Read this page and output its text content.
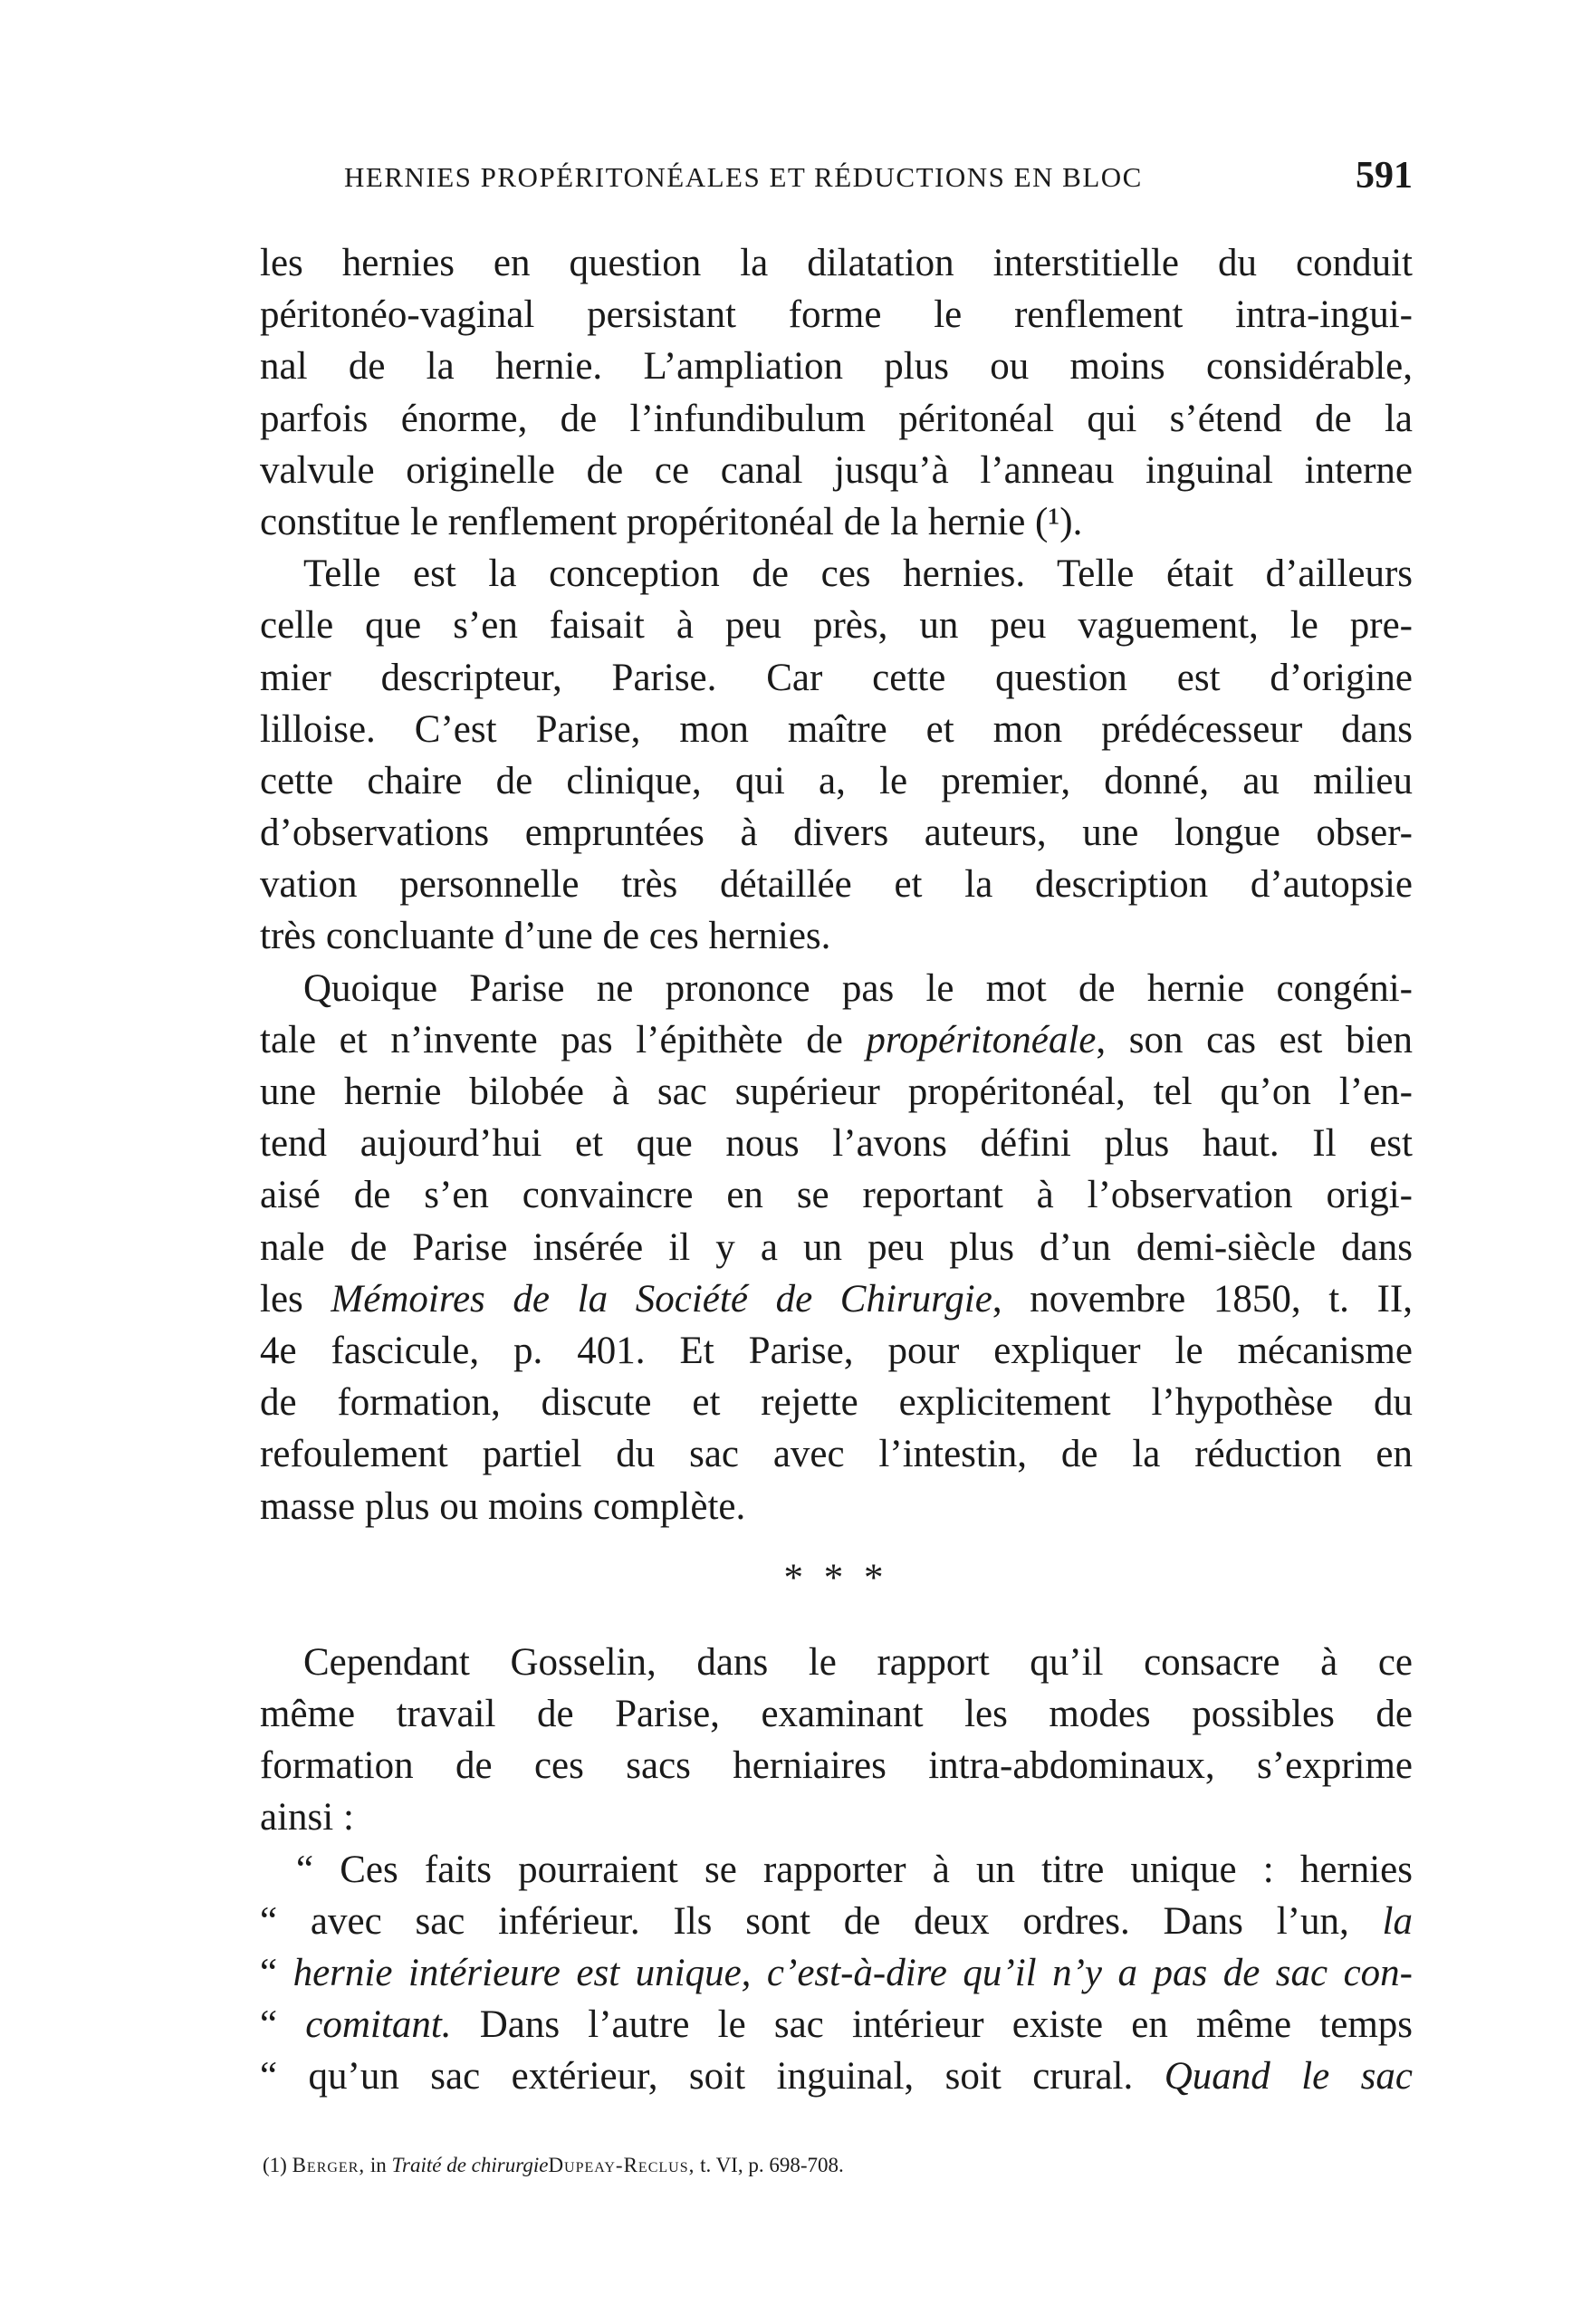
HERNIES PROPÉRITONÉALES ET RÉDUCTIONS EN BLOC	591
les hernies en question la dilatation interstitielle du conduit
péritonéo-vaginal persistant forme le renflement intra-ingui-
nal de la hernie. L’ampliation plus ou moins considérable,
parfois énorme, de l’infundibulum péritonéal qui s’étend de la
valvule originelle de ce canal jusqu’à l’anneau inguinal interne
constitue le renflement propéritonéal de la hernie (¹).
Telle est la conception de ces hernies. Telle était d’ailleurs
celle que s’en faisait à peu près, un peu vaguement, le pre-
mier descripteur, Parise. Car cette question est d’origine
lilloise. C’est Parise, mon maître et mon prédécesseur dans
cette chaire de clinique, qui a, le premier, donné, au milieu
d’observations empruntées à divers auteurs, une longue obser-
vation personnelle très détaillée et la description d’autopsie
très concluante d’une de ces hernies.
Quoique Parise ne prononce pas le mot de hernie congéni-
tale et n’invente pas l’épithète de propéritonéale, son cas est bien
une hernie bilobée à sac supérieur propéritonéal, tel qu’on l’en-
tend aujourd’hui et que nous l’avons défini plus haut. Il est
aisé de s’en convaincre en se reportant à l’observation origi-
nale de Parise insérée il y a un peu plus d’un demi-siècle dans
les Mémoires de la Société de Chirurgie, novembre 1850, t. II,
4e fascicule, p. 401. Et Parise, pour expliquer le mécanisme
de formation, discute et rejette explicitement l’hypothèse du
refoulement partiel du sac avec l’intestin, de la réduction en
masse plus ou moins complète.
* * *
Cependant Gosselin, dans le rapport qu’il consacre à ce
même travail de Parise, examinant les modes possibles de
formation de ces sacs herniaires intra-abdominaux, s’exprime
ainsi :
“ Ces faits pourraient se rapporter à un titre unique : hernies
“ avec sac inférieur. Ils sont de deux ordres. Dans l’un, la
“ hernie intérieure est unique, c’est-à-dire qu’il n’y a pas de sac con-
“ comitant. Dans l’autre le sac intérieur existe en même temps
“ qu’un sac extérieur, soit inguinal, soit crural. Quand le sac
(1) Berger, in Traité de chirurgieDupeay-Reclus, t. VI, p. 698-708.
